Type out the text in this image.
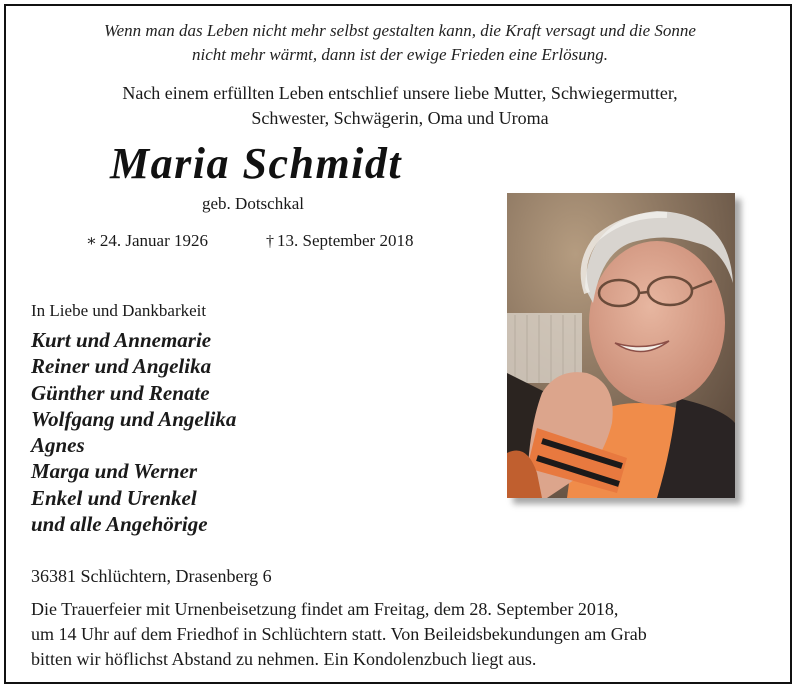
Wenn man das Leben nicht mehr selbst gestalten kann, die Kraft versagt und die Sonne
nicht mehr wärmt, dann ist der ewige Frieden eine Erlösung.
Nach einem erfüllten Leben entschlief unsere liebe Mutter, Schwiegermutter,
Schwester, Schwägerin, Oma und Uroma
Maria Schmidt
geb. Dotschkal
∗ 24. Januar 1926	† 13. September 2018
In Liebe und Dankbarkeit
Kurt und Annemarie
Reiner und Angelika
Günther und Renate
Wolfgang und Angelika
Agnes
Marga und Werner
Enkel und Urenkel
und alle Angehörige
36381 Schlüchtern, Drasenberg 6
Die Trauerfeier mit Urnenbeisetzung findet am Freitag, dem 28. September 2018,
um 14 Uhr auf dem Friedhof in Schlüchtern statt. Von Beileidsbekundungen am Grab
bitten wir höflichst Abstand zu nehmen. Ein Kondolenzbuch liegt aus.
